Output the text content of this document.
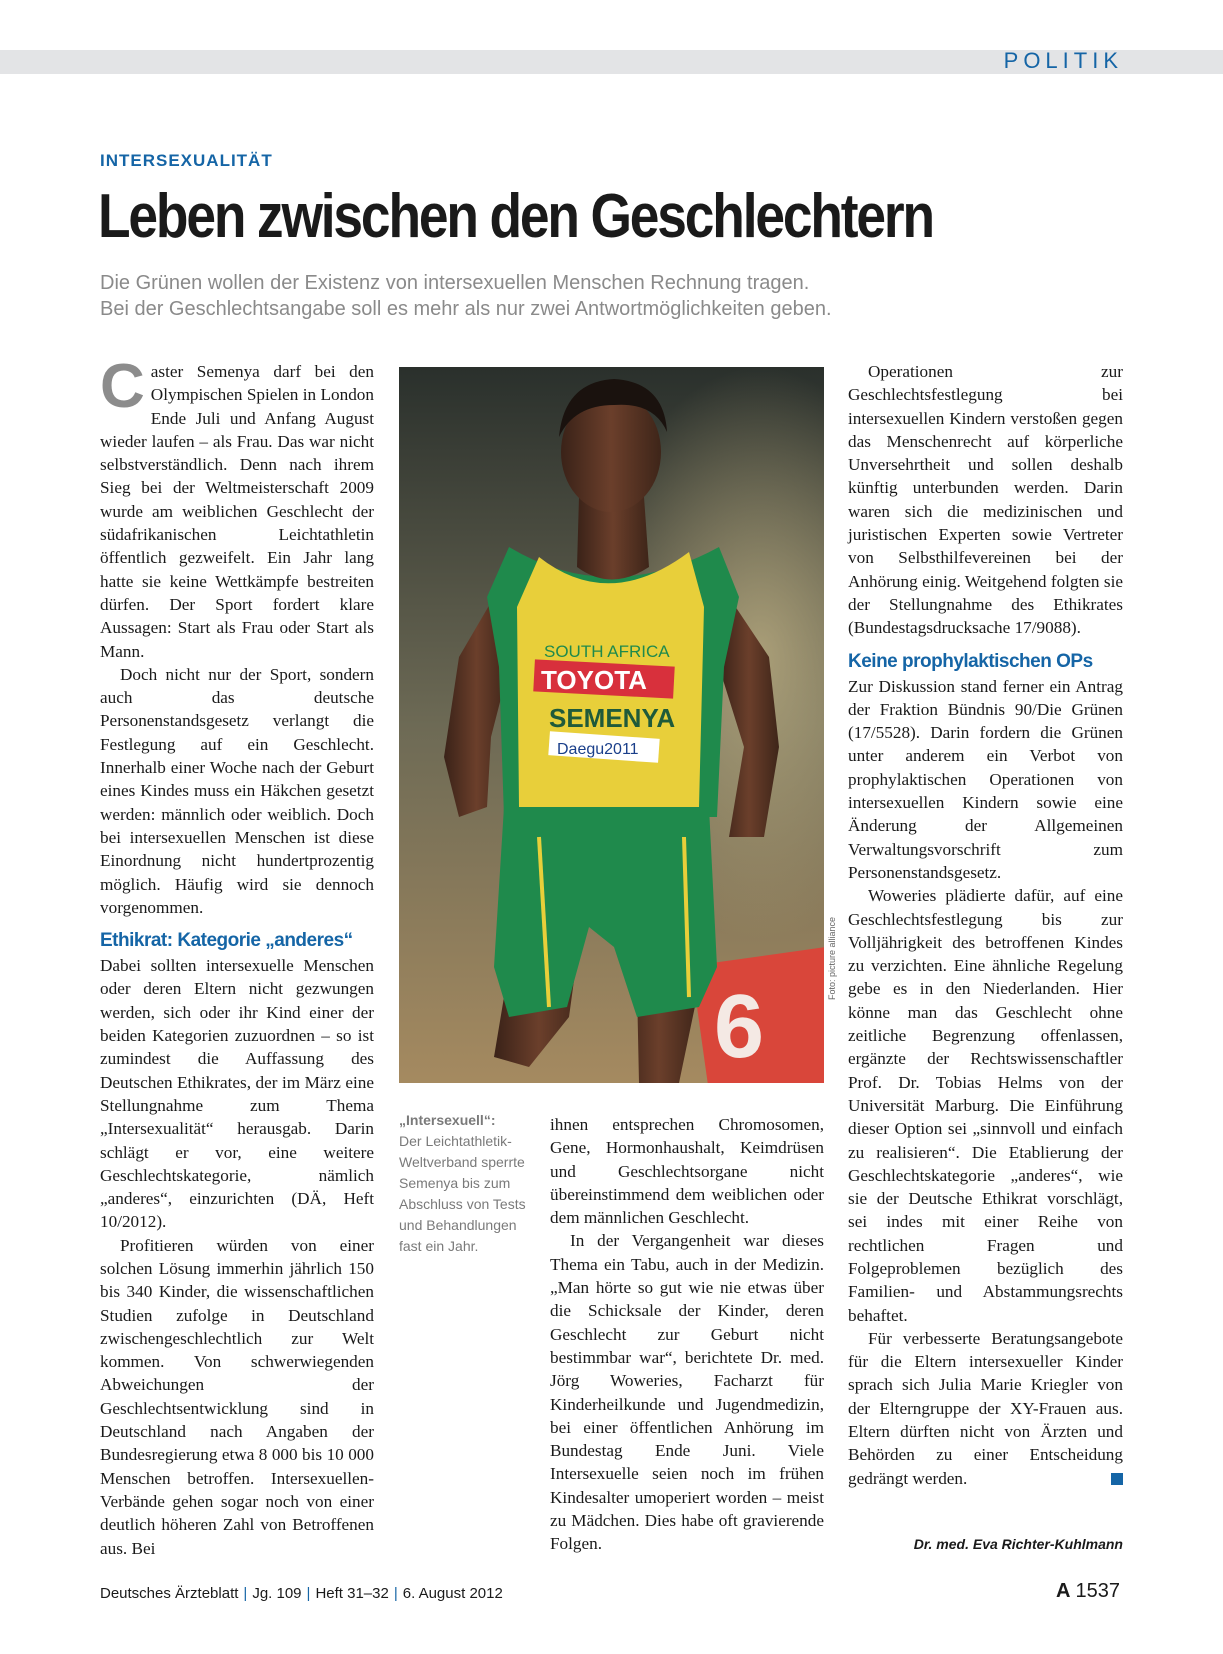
POLITIK
INTERSEXUALITÄT
Leben zwischen den Geschlechtern
Die Grünen wollen der Existenz von intersexuellen Menschen Rechnung tragen.
Bei der Geschlechtsangabe soll es mehr als nur zwei Antwortmöglichkeiten geben.

Caster Semenya darf bei den Olympischen Spielen in London Ende Juli und Anfang August wieder laufen – als Frau. Das war nicht selbstverständlich. Denn nach ihrem Sieg bei der Weltmeisterschaft 2009 wurde am weiblichen Geschlecht der südafrikanischen Leichtathletin öffentlich gezweifelt. Ein Jahr lang hatte sie keine Wettkämpfe bestreiten dürfen. Der Sport fordert klare Aussagen: Start als Frau oder Start als Mann.

Doch nicht nur der Sport, sondern auch das deutsche Personenstandsgesetz verlangt die Festlegung auf ein Geschlecht. Innerhalb einer Woche nach der Geburt eines Kindes muss ein Häkchen gesetzt werden: männlich oder weiblich. Doch bei intersexuellen Menschen ist diese Einordnung nicht hundertprozentig möglich. Häufig wird sie dennoch vorgenommen.

Ethikrat: Kategorie „anderes“

Dabei sollten intersexuelle Menschen oder deren Eltern nicht gezwungen werden, sich oder ihr Kind einer der beiden Kategorien zuzuordnen – so ist zumindest die Auffassung des Deutschen Ethikrates, der im März eine Stellungnahme zum Thema „Intersexualität“ herausgab. Darin schlägt er vor, eine weitere Geschlechtskategorie, nämlich „anderes“, einzurichten (DÄ, Heft 10/2012).

Profitieren würden von einer solchen Lösung immerhin jährlich 150 bis 340 Kinder, die wissenschaftlichen Studien zufolge in Deutschland zwischengeschlechtlich zur Welt kommen. Von schwerwiegenden Abweichungen der Geschlechtsentwicklung sind in Deutschland nach Angaben der Bundesregierung etwa 8 000 bis 10 000 Menschen betroffen. Intersexuellen-Verbände gehen sogar noch von einer deutlich höheren Zahl von Betroffenen aus. Bei

6
SOUTH AFRICA
TOYOTA
SEMENYA
Daegu2011
Foto: picture alliance
„Intersexuell“:
Der Leichtathletik-Weltverband sperrte Semenya bis zum Abschluss von Tests und Behandlungen fast ein Jahr.

ihnen entsprechen Chromosomen, Gene, Hormonhaushalt, Keimdrüsen und Geschlechtsorgane nicht übereinstimmend dem weiblichen oder dem männlichen Geschlecht.

In der Vergangenheit war dieses Thema ein Tabu, auch in der Medizin. „Man hörte so gut wie nie etwas über die Schicksale der Kinder, deren Geschlecht zur Geburt nicht bestimmbar war“, berichtete Dr. med. Jörg Woweries, Facharzt für Kinderheilkunde und Jugendmedizin, bei einer öffentlichen Anhörung im Bundestag Ende Juni. Viele Intersexuelle seien noch im frühen Kindesalter umoperiert worden – meist zu Mädchen. Dies habe oft gravierende Folgen.

Operationen zur Geschlechtsfestlegung bei intersexuellen Kindern verstoßen gegen das Menschenrecht auf körperliche Unversehrtheit und sollen deshalb künftig unterbunden werden. Darin waren sich die medizinischen und juristischen Experten sowie Vertreter von Selbsthilfevereinen bei der Anhörung einig. Weitgehend folgten sie der Stellungnahme des Ethikrates (Bundestagsdrucksache 17/9088).

Keine prophylaktischen OPs

Zur Diskussion stand ferner ein Antrag der Fraktion Bündnis 90/Die Grünen (17/5528). Darin fordern die Grünen unter anderem ein Verbot von prophylaktischen Operationen von intersexuellen Kindern sowie eine Änderung der Allgemeinen Verwaltungsvorschrift zum Personenstandsgesetz.

Woweries plädierte dafür, auf eine Geschlechtsfestlegung bis zur Volljährigkeit des betroffenen Kindes zu verzichten. Eine ähnliche Regelung gebe es in den Niederlanden. Hier könne man das Geschlecht ohne zeitliche Begrenzung offenlassen, ergänzte der Rechtswissenschaftler Prof. Dr. Tobias Helms von der Universität Marburg. Die Einführung dieser Option sei „sinnvoll und einfach zu realisieren“. Die Etablierung der Geschlechtskategorie „anderes“, wie sie der Deutsche Ethikrat vorschlägt, sei indes mit einer Reihe von rechtlichen Fragen und Folgeproblemen bezüglich des Familien- und Abstammungsrechts behaftet.

Für verbesserte Beratungsangebote für die Eltern intersexueller Kinder sprach sich Julia Marie Kriegler von der Elterngruppe der XY-Frauen aus. Eltern dürften nicht von Ärzten und Behörden zu einer Entscheidung gedrängt werden.

Dr. med. Eva Richter-Kuhlmann
Deutsches Ärzteblatt | Jg. 109 | Heft 31–32 | 6. August 2012	A 1537
